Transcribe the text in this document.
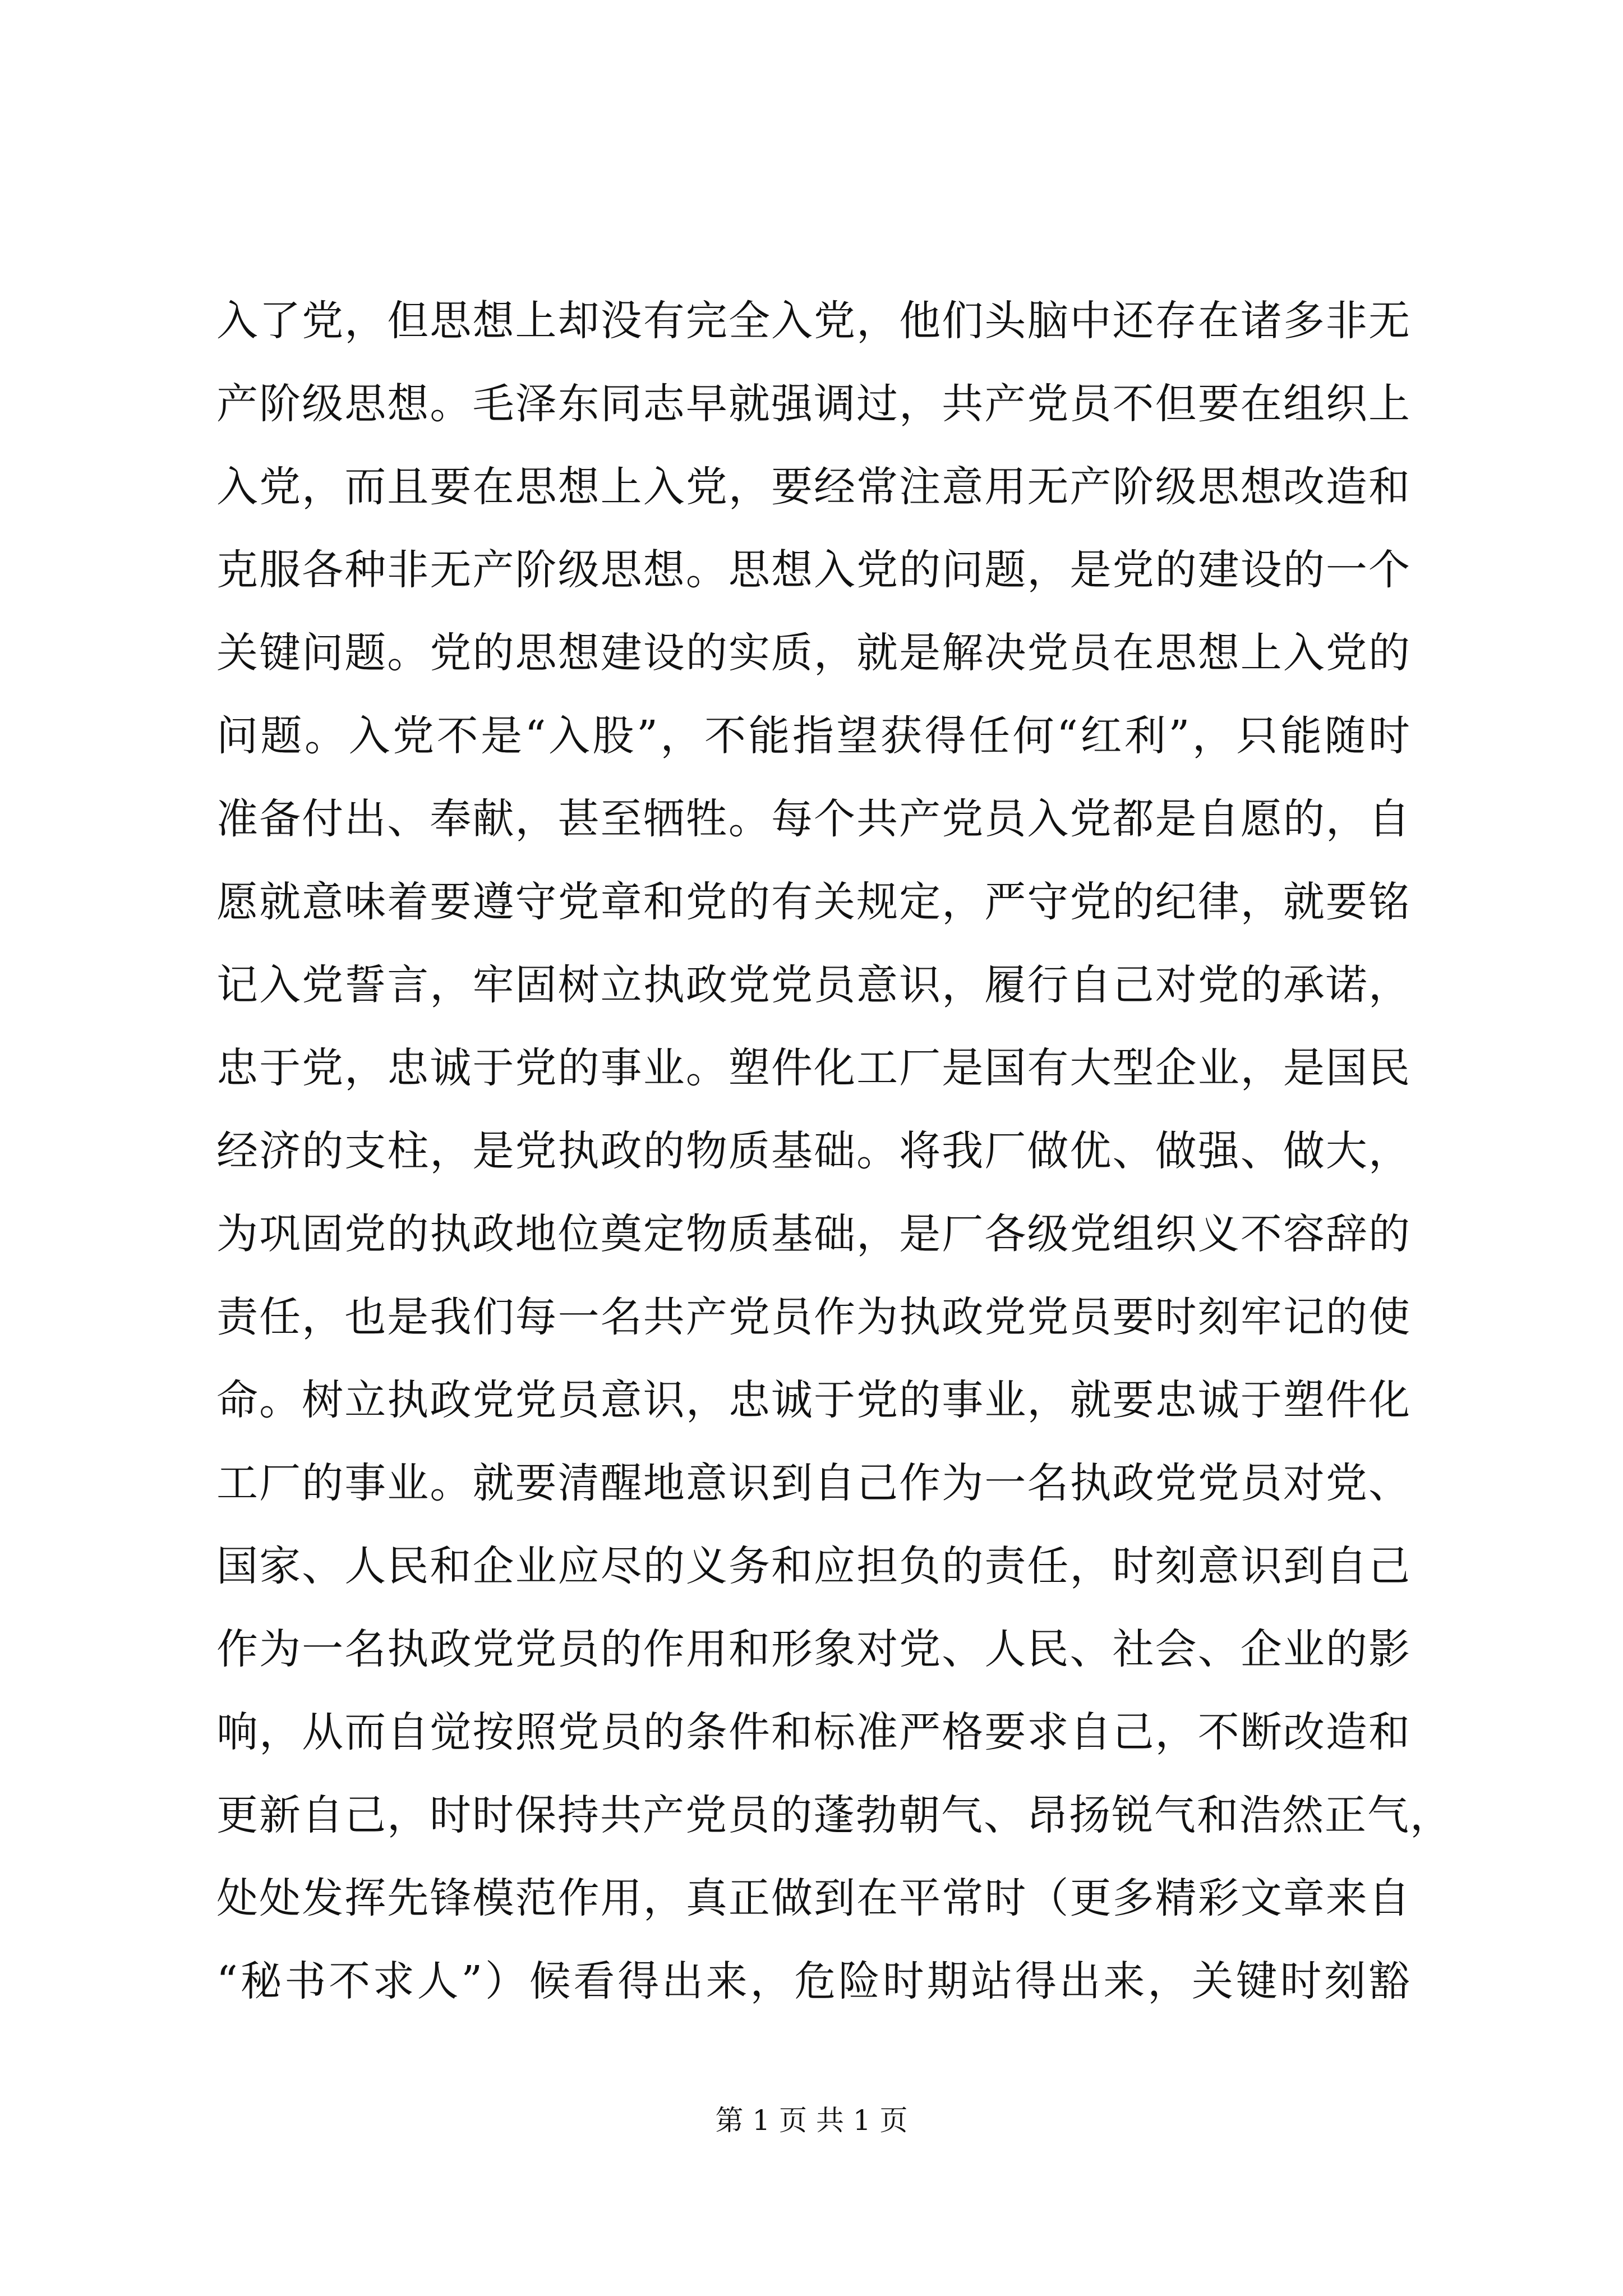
入了党，但思想上却没有完全入党，他们头脑中还存在诸多非无
产阶级思想。毛泽东同志早就强调过，共产党员不但要在组织上
入党，而且要在思想上入党，要经常注意用无产阶级思想改造和
克服各种非无产阶级思想。思想入党的问题，是党的建设的一个
关键问题。党的思想建设的实质，就是解决党员在思想上入党的
问题。入党不是“入股”，不能指望获得任何“红利”，只能随时
准备付出、奉献，甚至牺牲。每个共产党员入党都是自愿的，自
愿就意味着要遵守党章和党的有关规定，严守党的纪律，就要铭
记入党誓言，牢固树立执政党党员意识，履行自己对党的承诺，
忠于党，忠诚于党的事业。塑件化工厂是国有大型企业，是国民
经济的支柱，是党执政的物质基础。将我厂做优、做强、做大，
为巩固党的执政地位奠定物质基础，是厂各级党组织义不容辞的
责任，也是我们每一名共产党员作为执政党党员要时刻牢记的使
命。树立执政党党员意识，忠诚于党的事业，就要忠诚于塑件化
工厂的事业。就要清醒地意识到自己作为一名执政党党员对党、
国家、人民和企业应尽的义务和应担负的责任，时刻意识到自己
作为一名执政党党员的作用和形象对党、人民、社会、企业的影
响，从而自觉按照党员的条件和标准严格要求自己，不断改造和
更新自己，时时保持共产党员的蓬勃朝气、昂扬锐气和浩然正气，
处处发挥先锋模范作用，真正做到在平常时（更多精彩文章来自
“秘书不求人”）候看得出来，危险时期站得出来，关键时刻豁
第 1 页 共 1 页
